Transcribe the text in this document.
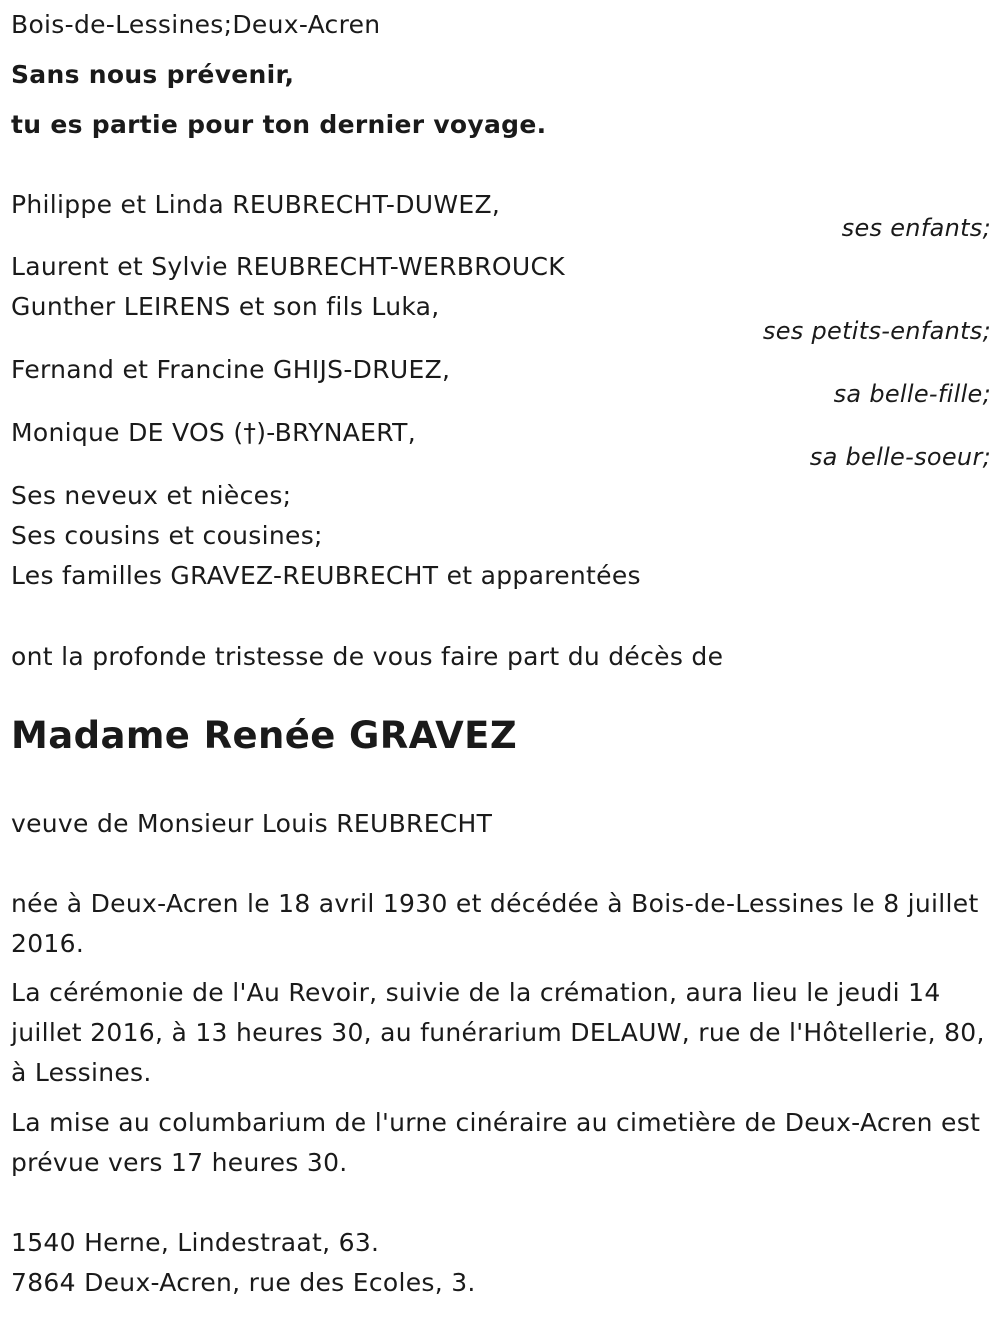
Bois-de-Lessines;Deux-Acren
Sans nous prévenir,
tu es partie pour ton dernier voyage.
Philippe et Linda REUBRECHT-DUWEZ,
ses enfants;
Laurent et Sylvie REUBRECHT-WERBROUCK
Gunther LEIRENS et son fils Luka,
ses petits-enfants;
Fernand et Francine GHIJS-DRUEZ,
sa belle-fille;
Monique DE VOS (†)-BRYNAERT,
sa belle-soeur;
Ses neveux et nièces;
Ses cousins et cousines;
Les familles GRAVEZ-REUBRECHT et apparentées
ont la profonde tristesse de vous faire part du décès de
Madame Renée GRAVEZ
veuve de Monsieur Louis REUBRECHT
née à Deux-Acren le 18 avril 1930 et décédée à Bois-de-Lessines le 8 juillet 2016.
La cérémonie de l'Au Revoir, suivie de la crémation, aura lieu le jeudi 14 juillet 2016, à 13 heures 30, au funérarium DELAUW, rue de l'Hôtellerie, 80, à Lessines.
La mise au columbarium de l'urne cinéraire au cimetière de Deux-Acren est prévue vers 17 heures 30.
1540 Herne, Lindestraat, 63.
7864 Deux-Acren, rue des Ecoles, 3.
